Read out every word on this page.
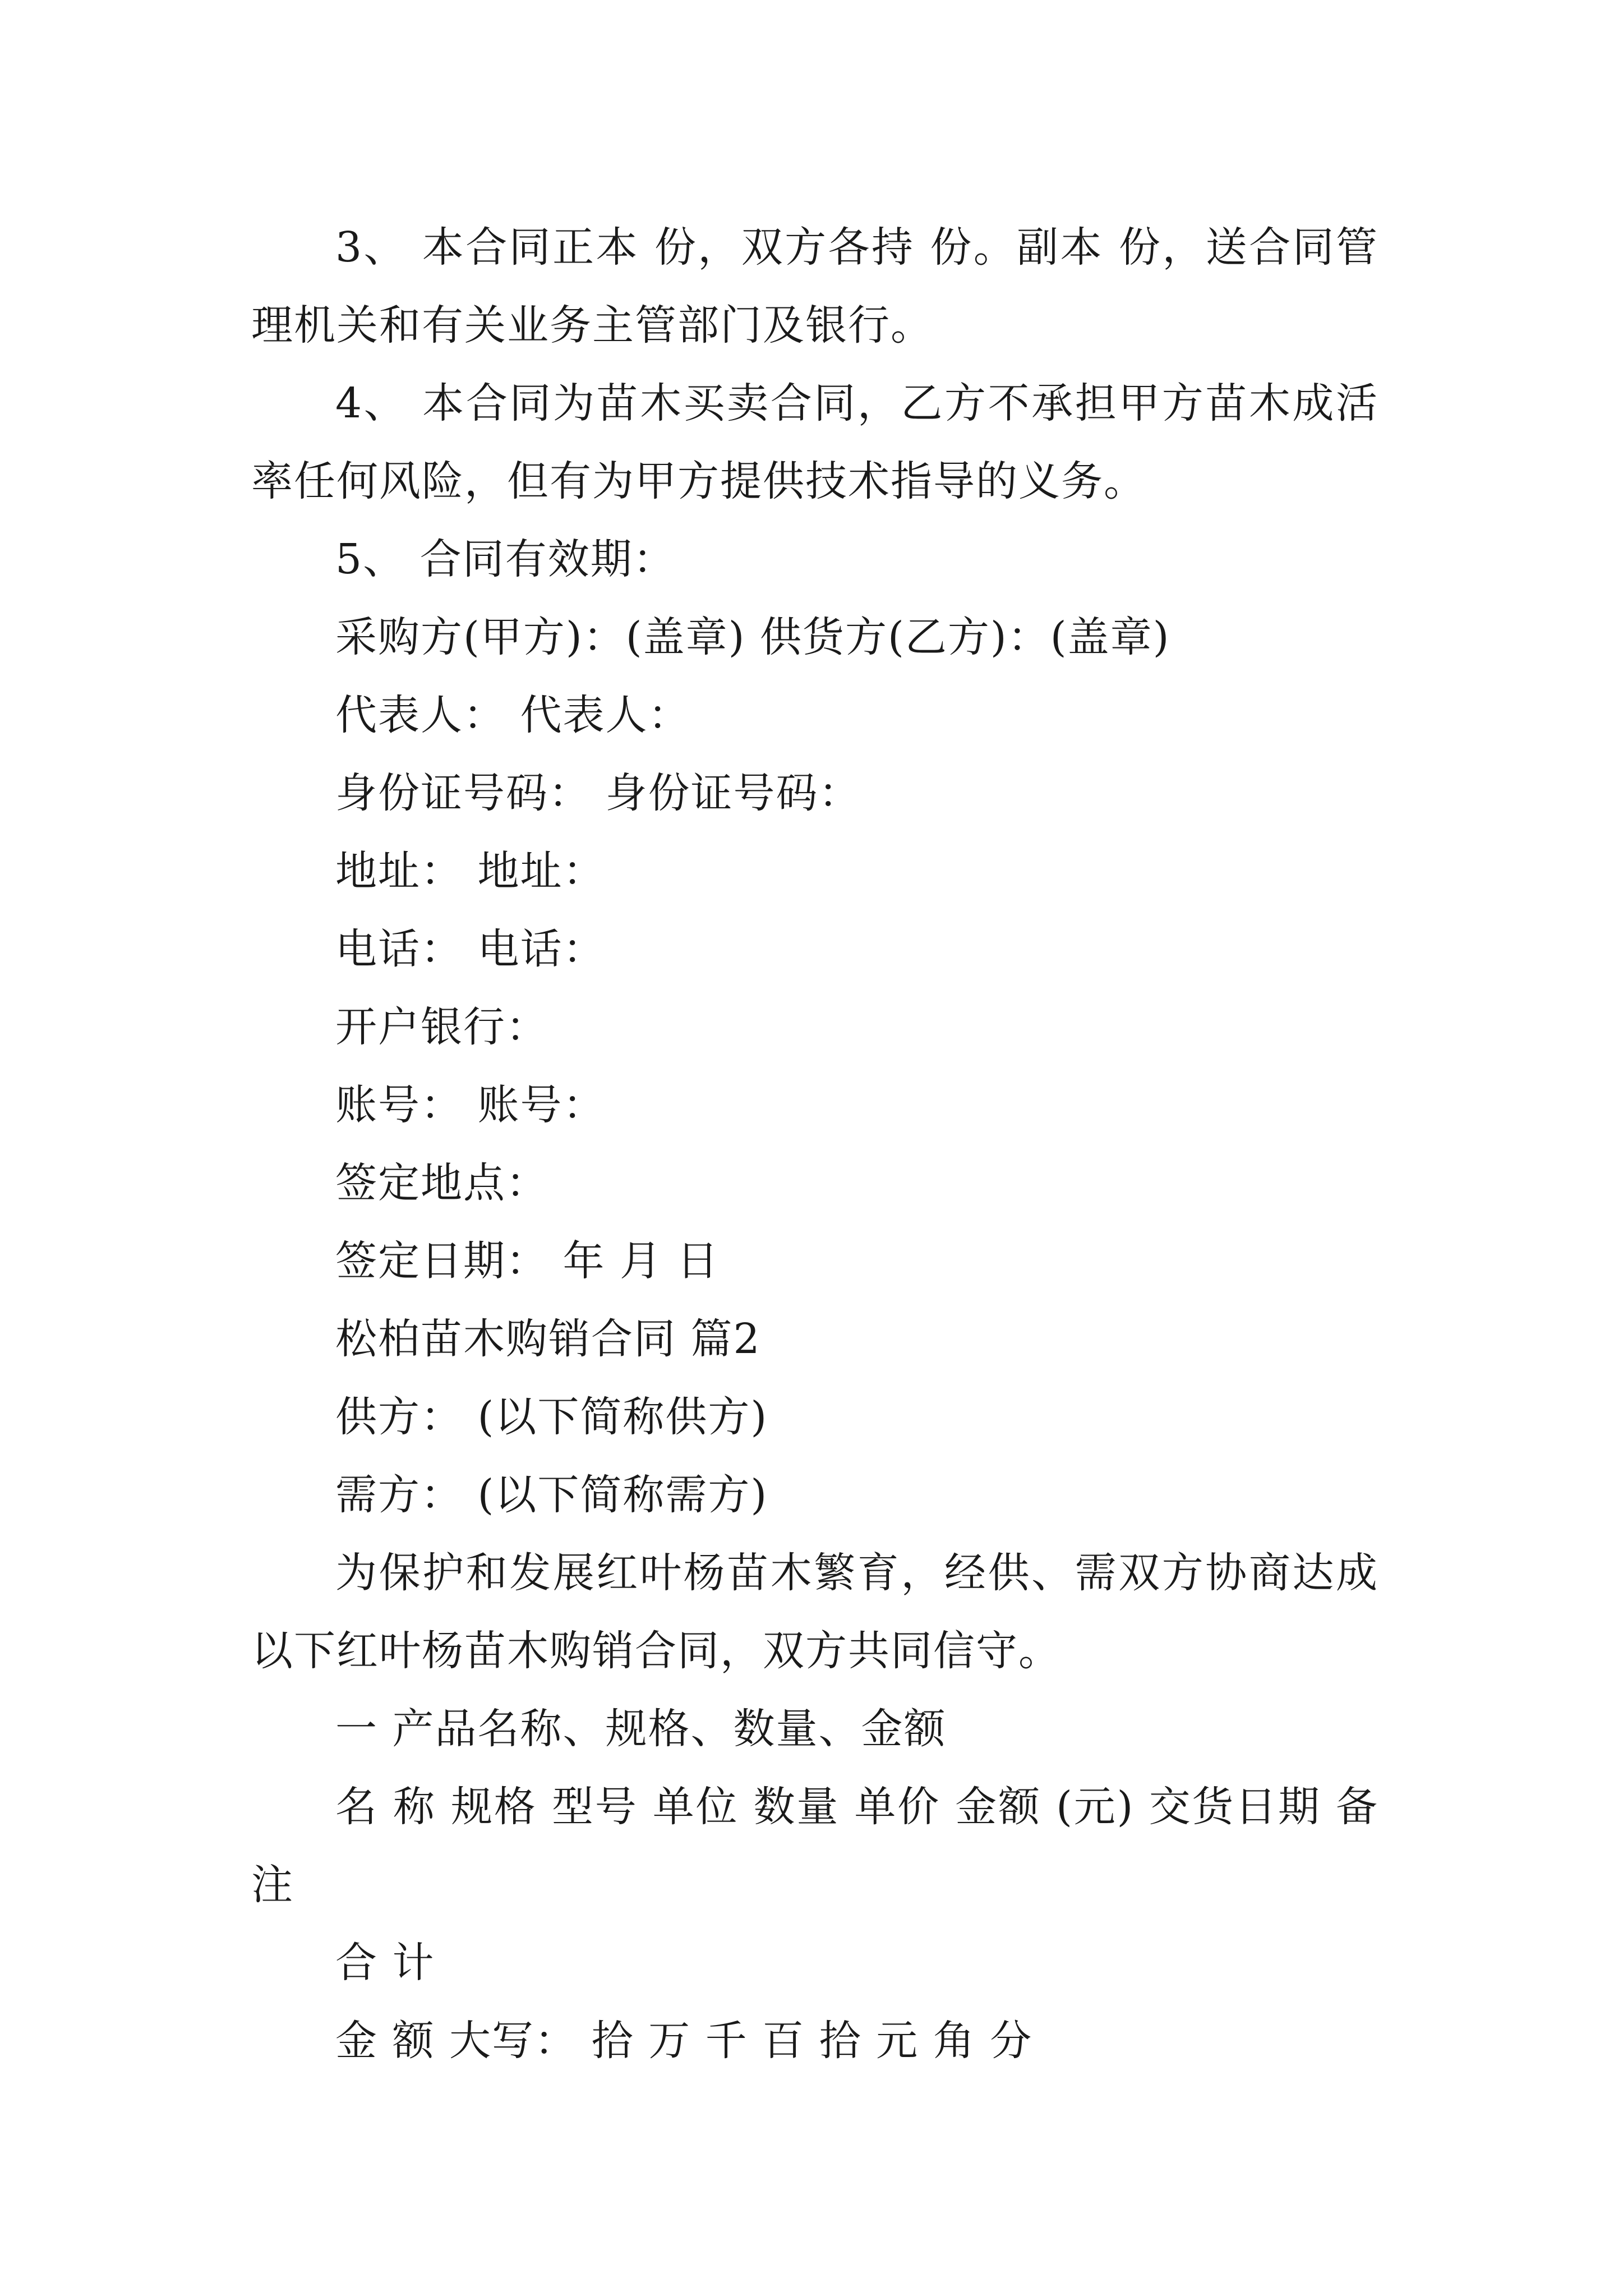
3、 本合同正本 份，双方各持 份。副本 份，送合同管理机关和有关业务主管部门及银行。

4、 本合同为苗木买卖合同，乙方不承担甲方苗木成活率任何风险，但有为甲方提供技术指导的义务。

5、 合同有效期：

采购方(甲方)：(盖章) 供货方(乙方)：(盖章)

代表人： 代表人：

身份证号码： 身份证号码：

地址： 地址：

电话： 电话：

开户银行：

账号： 账号：

签定地点：

签定日期： 年 月 日

松柏苗木购销合同 篇2

供方： (以下简称供方)

需方： (以下简称需方)

为保护和发展红叶杨苗木繁育，经供、需双方协商达成以下红叶杨苗木购销合同，双方共同信守。

一 产品名称、规格、数量、金额

名 称 规格 型号 单位 数量 单价 金额 (元) 交货日期 备 注

合 计

金 额 大写： 拾 万 千 百 拾 元 角 分
